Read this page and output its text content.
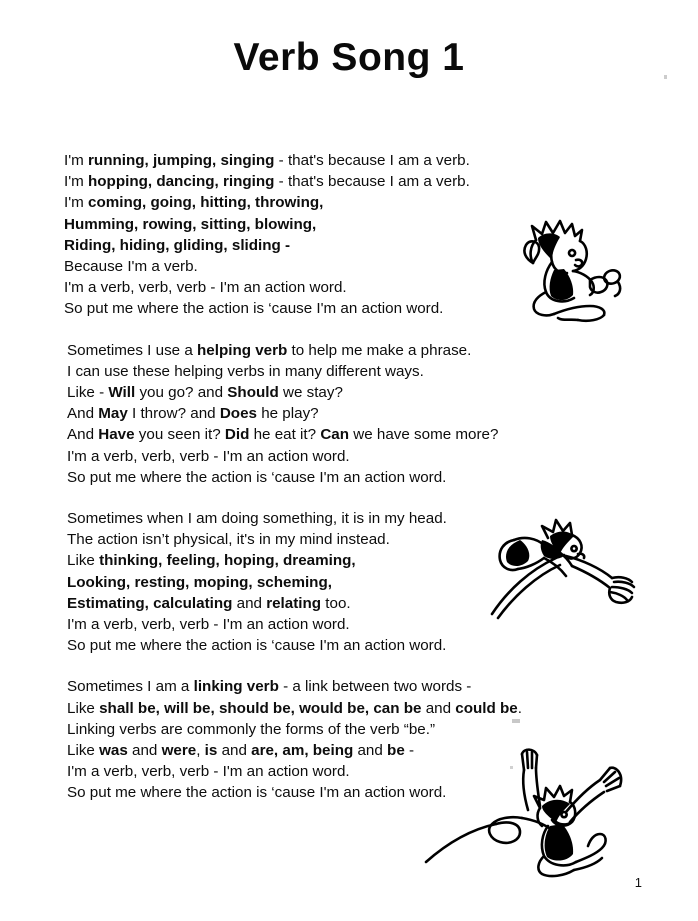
Verb Song 1
I'm running, jumping, singing - that's because I am a verb.
I'm hopping, dancing, ringing - that's because I am a verb.
I'm coming, going, hitting, throwing,
Humming, rowing, sitting, blowing,
Riding, hiding, gliding, sliding -
Because I'm a verb.
I'm a verb, verb, verb - I'm an action word.
So put me where the action is ‘cause I'm an action word.
Sometimes I use a helping verb to help me make a phrase.
I can use these helping verbs in many different ways.
Like - Will you go? and Should we stay?
And May I throw? and Does he play?
And Have you seen it? Did he eat it? Can we have some more?
I'm a verb, verb, verb - I'm an action word.
So put me where the action is ‘cause I'm an action word.
Sometimes when I am doing something, it is in my head.
The action isn’t physical, it's in my mind instead.
Like thinking, feeling, hoping, dreaming,
Looking, resting, moping, scheming,
Estimating, calculating and relating too.
I'm a verb, verb, verb - I'm an action word.
So put me where the action is ‘cause I'm an action word.
Sometimes I am a linking verb - a link between two words -
Like shall be, will be, should be, would be, can be and could be.
Linking verbs are commonly the forms of the verb “be.”
Like was and were, is and are, am, being and be -
I'm a verb, verb, verb - I'm an action word.
So put me where the action is ‘cause I'm an action word.
1
